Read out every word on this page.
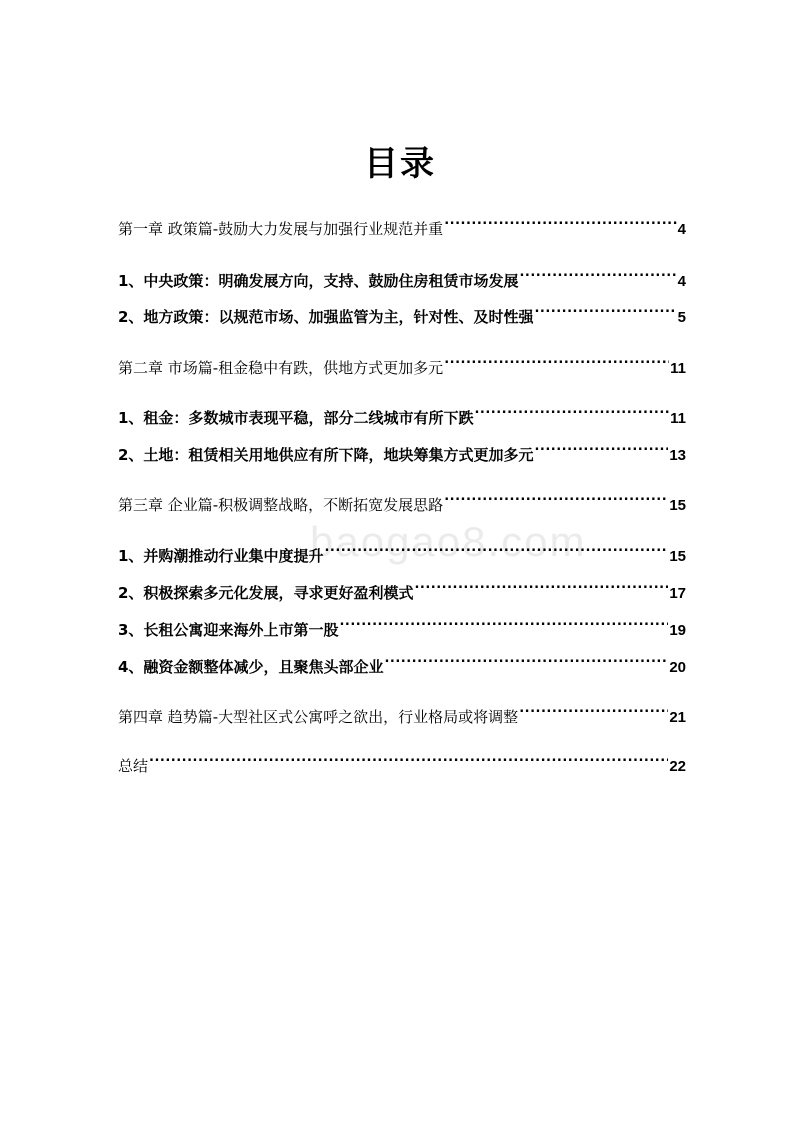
目录
baogao8.com
第一章 政策篇-鼓励大力发展与加强行业规范并重 .....	4
1、中央政策：明确发展方向，支持、鼓励住房租赁市场发展 .....	4
2、地方政策：以规范市场、加强监管为主，针对性、及时性强 .....	5
第二章 市场篇-租金稳中有跌，供地方式更加多元 .....	11
1、租金：多数城市表现平稳，部分二线城市有所下跌 .....	11
2、土地：租赁相关用地供应有所下降，地块筹集方式更加多元 .....	13
第三章 企业篇-积极调整战略，不断拓宽发展思路 .....	15
1、并购潮推动行业集中度提升 .....	15
2、积极探索多元化发展，寻求更好盈利模式 .....	17
3、长租公寓迎来海外上市第一股 .....	19
4、融资金额整体减少，且聚焦头部企业 .....	20
第四章 趋势篇-大型社区式公寓呼之欲出，行业格局或将调整 .....	21
总结 .....	22
